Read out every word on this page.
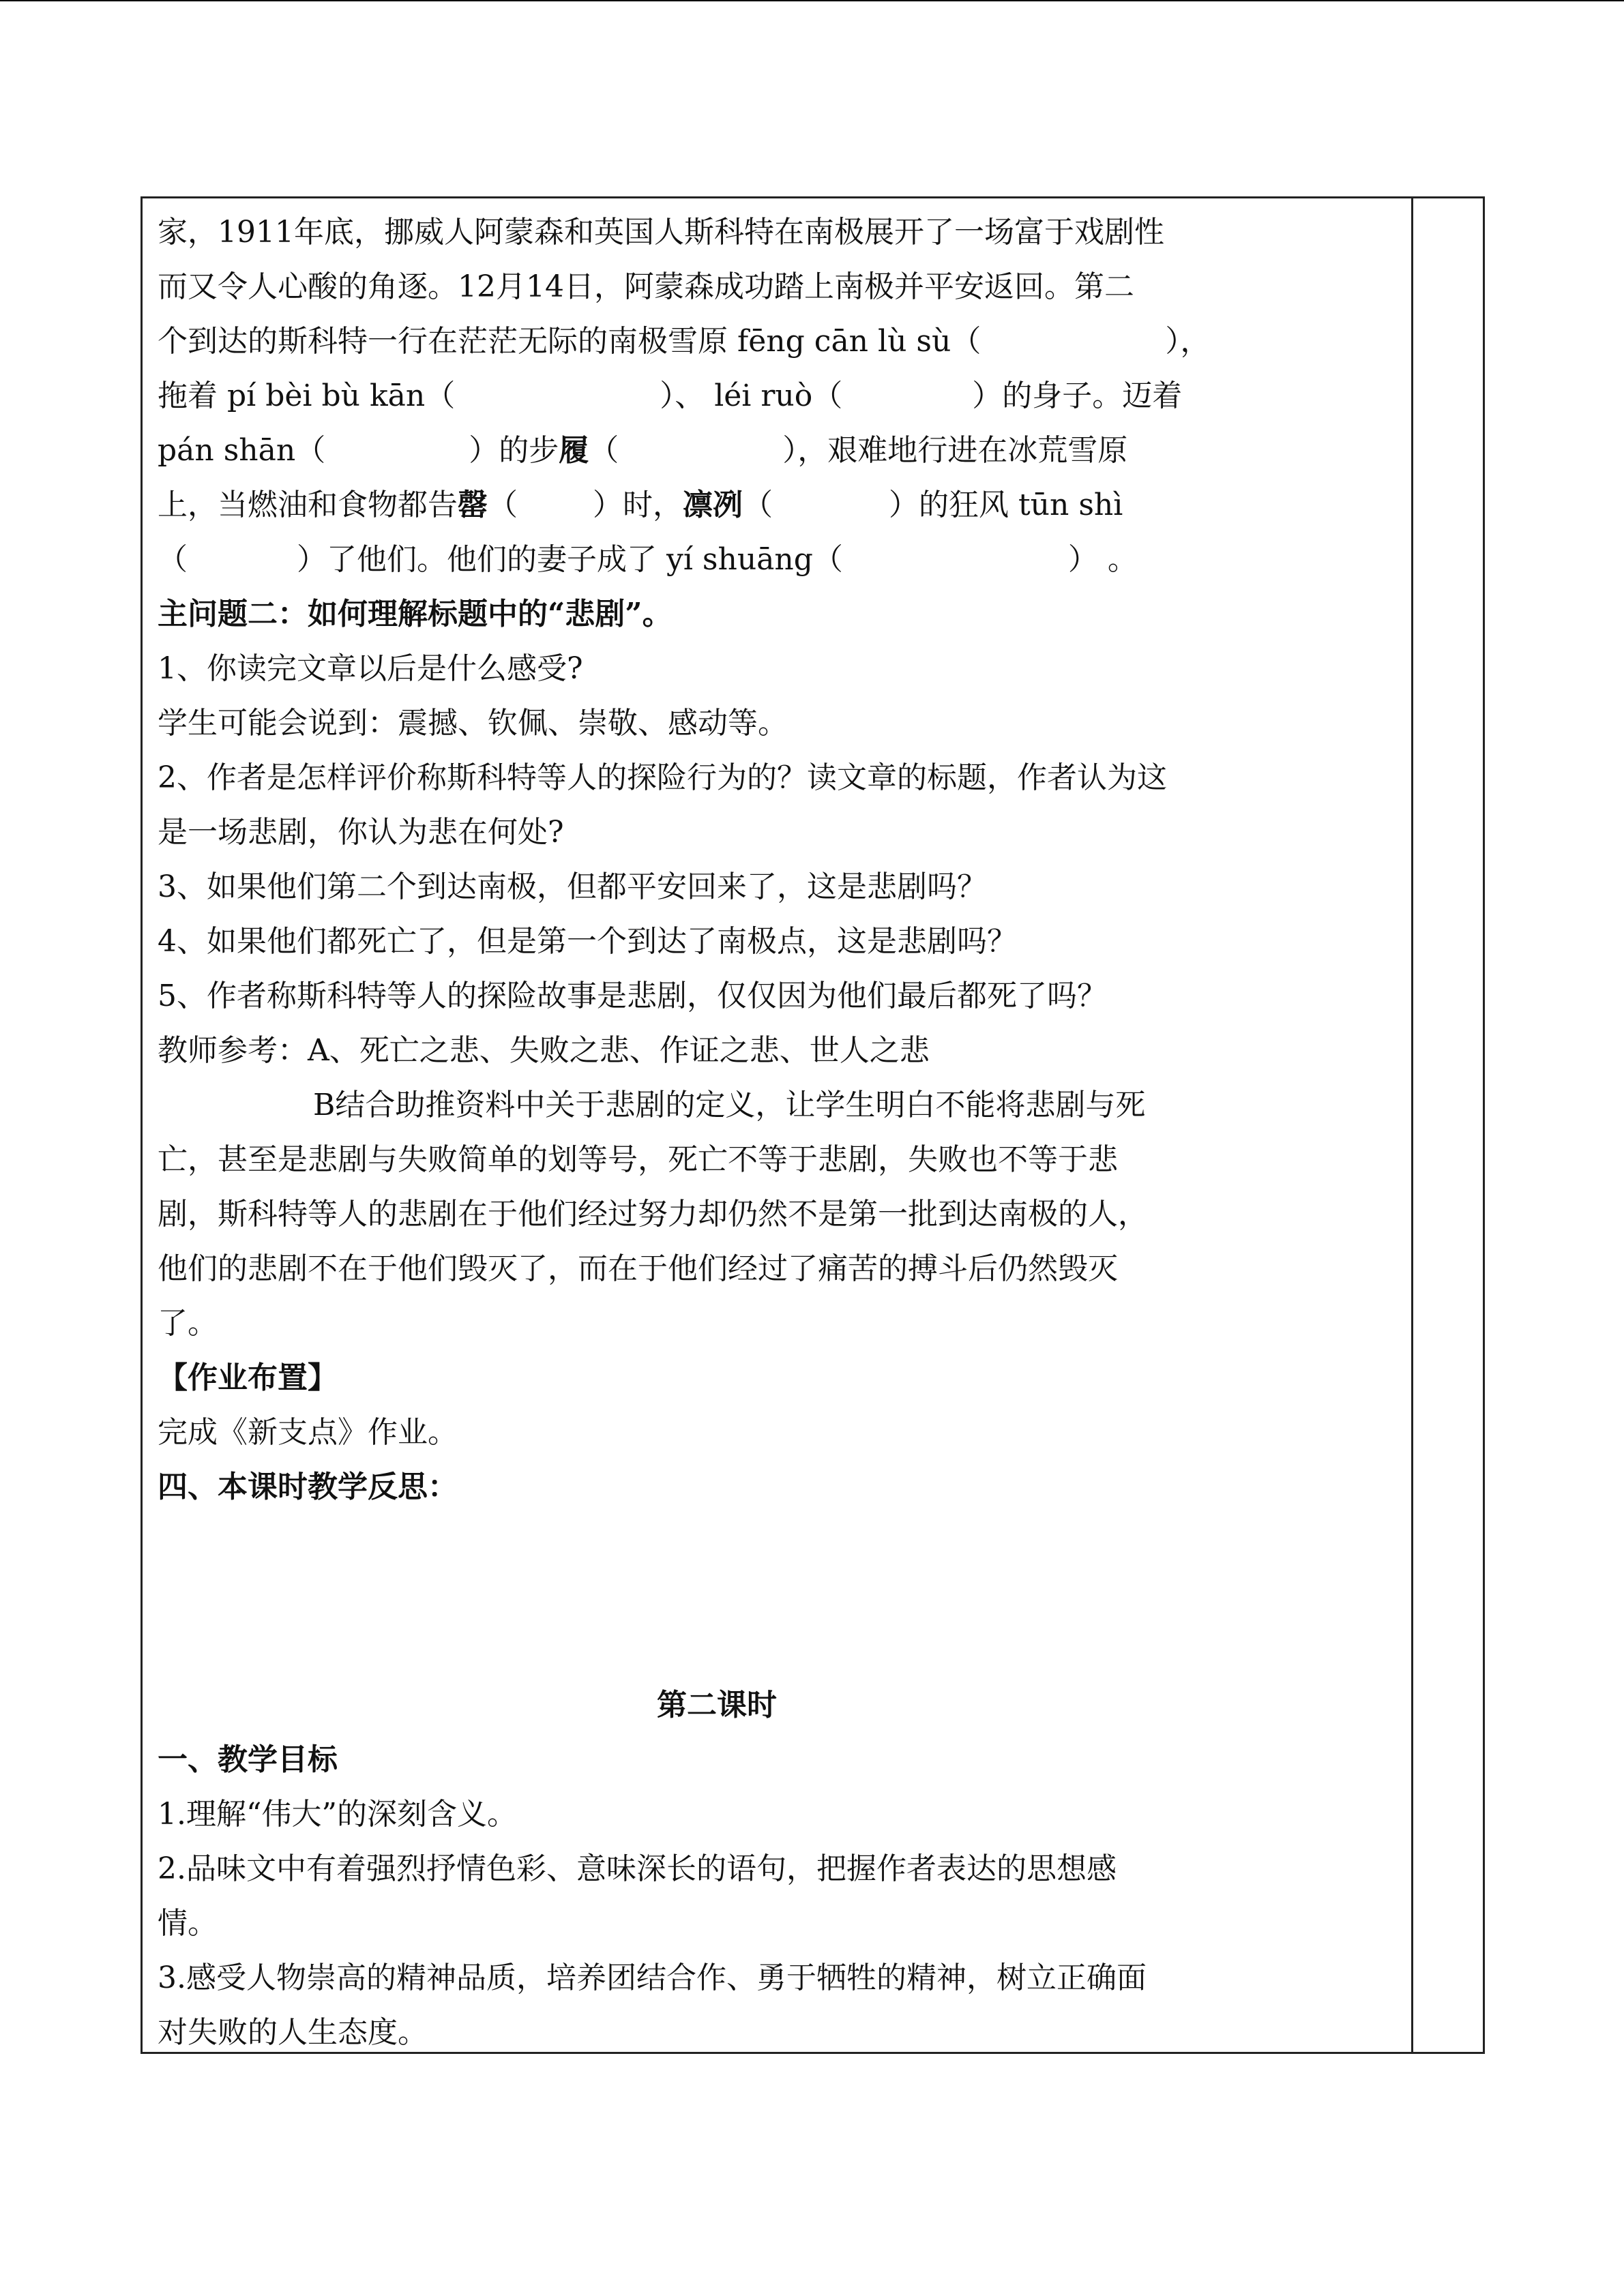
家，1911年底，挪威人阿蒙森和英国人斯科特在南极展开了一场富于戏剧性
而又令人心酸的角逐。12月14日，阿蒙森成功踏上南极并平安返回。第二
个到达的斯科特一行在茫茫无际的南极雪原 fēng cān lù sù（	），
拖着 pí bèi bù kān（	）、 léi ruò（	）的身子。迈着
pán shān（	）的步履（	），艰难地行进在冰荒雪原
上，当燃油和食物都告罄（	）时，凛冽（	）的狂风 tūn shì
（	）了他们。他们的妻子成了 yí shuāng（	） 。
主问题二：如何理解标题中的“悲剧”。
1、你读完文章以后是什么感受?
学生可能会说到：震撼、钦佩、崇敬、感动等。
2、作者是怎样评价称斯科特等人的探险行为的？读文章的标题，作者认为这
是一场悲剧，你认为悲在何处?
3、如果他们第二个到达南极，但都平安回来了，这是悲剧吗？
4、如果他们都死亡了，但是第一个到达了南极点，这是悲剧吗？
5、作者称斯科特等人的探险故事是悲剧，仅仅因为他们最后都死了吗？
教师参考：A、死亡之悲、失败之悲、作证之悲、世人之悲
B结合助推资料中关于悲剧的定义，让学生明白不能将悲剧与死
亡，甚至是悲剧与失败简单的划等号，死亡不等于悲剧，失败也不等于悲
剧，斯科特等人的悲剧在于他们经过努力却仍然不是第一批到达南极的人，
他们的悲剧不在于他们毁灭了，而在于他们经过了痛苦的搏斗后仍然毁灭
了。
【作业布置】
完成《新支点》作业。
四、本课时教学反思：
第二课时
一、教学目标
1.理解“伟大”的深刻含义。
2.品味文中有着强烈抒情色彩、意味深长的语句，把握作者表达的思想感
情。
3.感受人物崇高的精神品质，培养团结合作、勇于牺牲的精神，树立正确面
对失败的人生态度。
